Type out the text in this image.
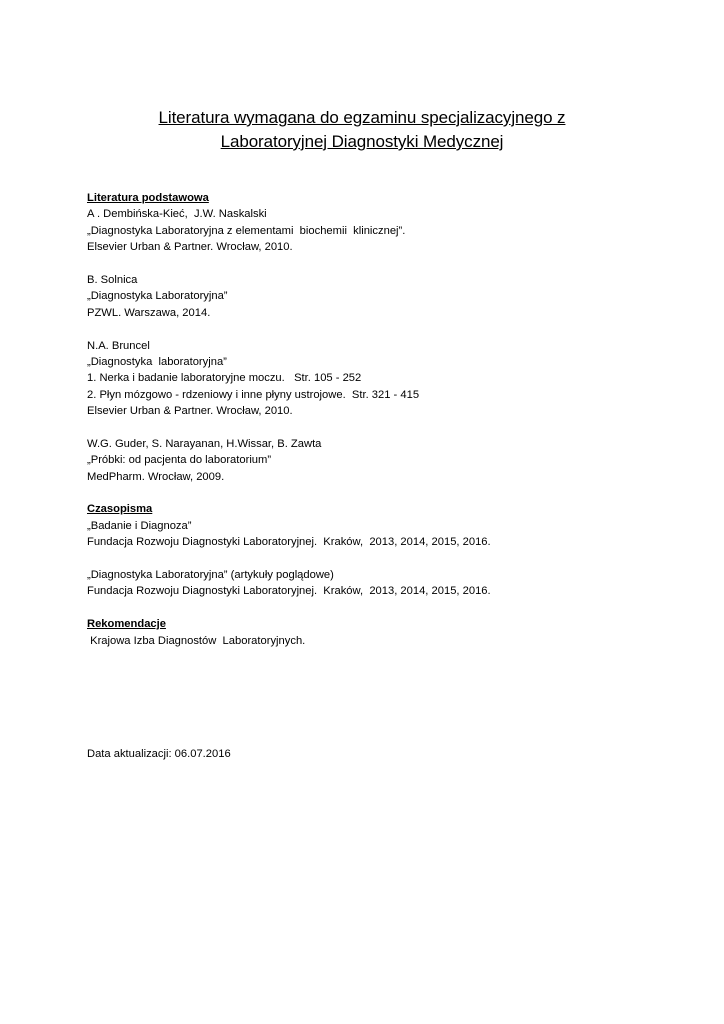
Literatura wymagana do egzaminu specjalizacyjnego z
Laboratoryjnej Diagnostyki Medycznej
Literatura podstawowa
A . Dembińska-Kieć,  J.W. Naskalski
„Diagnostyka Laboratoryjna z elementami  biochemii  klinicznej”.
Elsevier Urban & Partner. Wrocław, 2010.
B. Solnica
„Diagnostyka Laboratoryjna”
PZWL. Warszawa, 2014.
N.A. Bruncel
„Diagnostyka  laboratoryjna”
1. Nerka i badanie laboratoryjne moczu.   Str. 105 - 252
2. Płyn mózgowo - rdzeniowy i inne płyny ustrojowe.  Str. 321 - 415
Elsevier Urban & Partner. Wrocław, 2010.
W.G. Guder, S. Narayanan, H.Wissar, B. Zawta
„Próbki: od pacjenta do laboratorium”
MedPharm. Wrocław, 2009.
Czasopisma
„Badanie i Diagnoza”
Fundacja Rozwoju Diagnostyki Laboratoryjnej.  Kraków,  2013, 2014, 2015, 2016.
„Diagnostyka Laboratoryjna” (artykuły poglądowe)
Fundacja Rozwoju Diagnostyki Laboratoryjnej.  Kraków,  2013, 2014, 2015, 2016.
Rekomendacje
Krajowa Izba Diagnostów  Laboratoryjnych.
Data aktualizacji: 06.07.2016
